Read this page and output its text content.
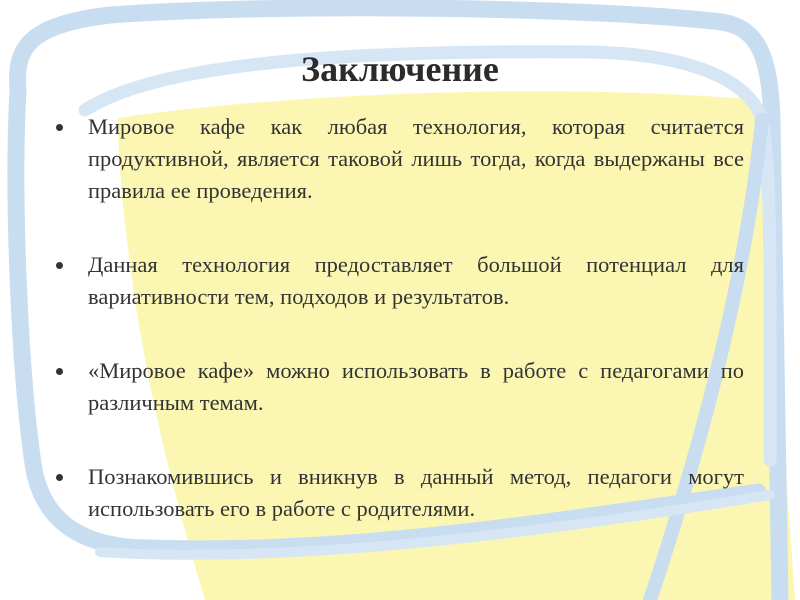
Заключение
Мировое кафе как любая технология, которая считается продуктивной, является таковой лишь тогда, когда выдержаны все правила ее проведения.
Данная технология предоставляет большой потенциал для вариативности тем, подходов и результатов.
«Мировое кафе» можно использовать в работе с педагогами по различным темам.
Познакомившись и вникнув в данный метод, педагоги могут использовать его в работе с родителями.
